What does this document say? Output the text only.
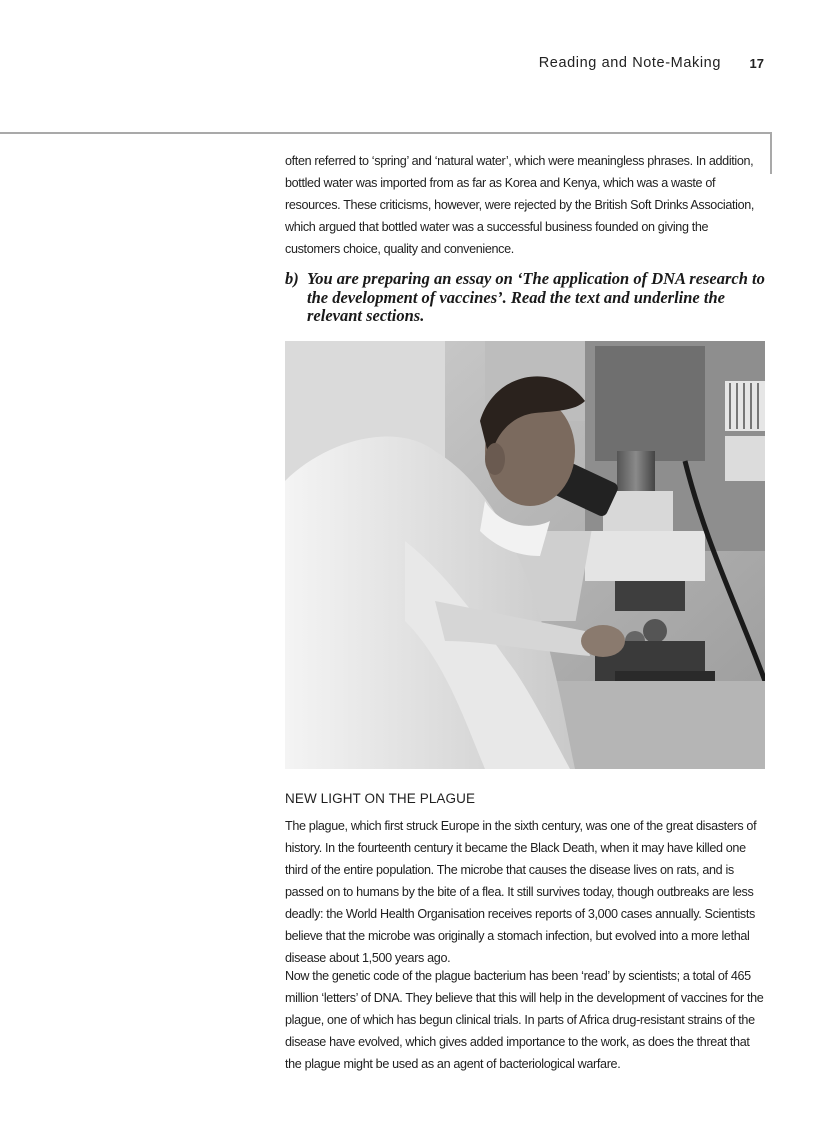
Reading and Note-Making 17

often referred to ‘spring’ and ‘natural water’, which were meaningless phrases. In addition, bottled water was imported from as far as Korea and Kenya, which was a waste of resources. These criticisms, however, were rejected by the British Soft Drinks Association, which argued that bottled water was a successful business founded on giving the customers choice, quality and convenience.

b) You are preparing an essay on ‘The application of DNA research to the development of vaccines’. Read the text and underline the relevant sections.
NEW LIGHT ON THE PLAGUE

The plague, which first struck Europe in the sixth century, was one of the great disasters of history. In the fourteenth century it became the Black Death, when it may have killed one third of the entire population. The microbe that causes the disease lives on rats, and is passed on to humans by the bite of a flea. It still survives today, though outbreaks are less deadly: the World Health Organisation receives reports of 3,000 cases annually. Scientists believe that the microbe was originally a stomach infection, but evolved into a more lethal disease about 1,500 years ago.

Now the genetic code of the plague bacterium has been ‘read’ by scientists; a total of 465 million ‘letters’ of DNA. They believe that this will help in the development of vaccines for the plague, one of which has begun clinical trials. In parts of Africa drug-resistant strains of the disease have evolved, which gives added importance to the work, as does the threat that the plague might be used as an agent of bacteriological warfare.
